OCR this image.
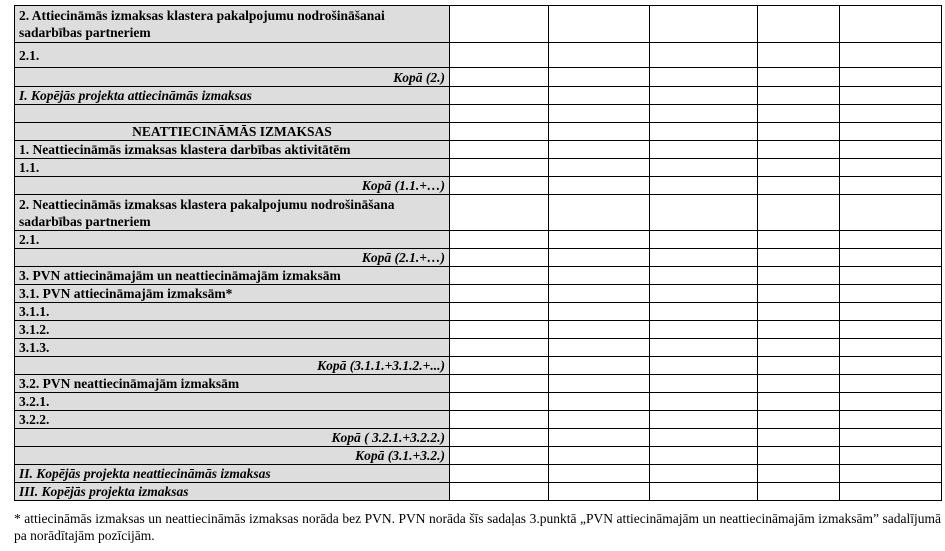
2. Attiecināmās izmaksas klastera pakalpojumu nodrošināšanai sadarbības partneriem					
2.1.					
Kopā (2.)					
I. Kopējās projekta attiecināmās izmaksas					

NEATTIECINĀMĀS IZMAKSAS					
1. Neattiecināmās izmaksas klastera darbības aktivitātēm					
1.1.					
Kopā (1.1.+…)					
2. Neattiecināmās izmaksas klastera pakalpojumu nodrošināšana sadarbības partneriem					
2.1.					
Kopā (2.1.+…)					
3. PVN attiecināmajām un neattiecināmajām izmaksām					
3.1. PVN attiecināmajām izmaksām*					
3.1.1.					
3.1.2.					
3.1.3.					
Kopā (3.1.1.+3.1.2.+...)					
3.2. PVN neattiecināmajām izmaksām					
3.2.1.					
3.2.2.					
Kopā ( 3.2.1.+3.2.2.)					
Kopā (3.1.+3.2.)					
II. Kopējās projekta neattiecināmās izmaksas					
III. Kopējās projekta izmaksas					
* attiecināmās izmaksas un neattiecināmās izmaksas norāda bez PVN. PVN norāda šīs sadaļas 3.punktā „PVN attiecināmajām un neattiecināmajām izmaksām” sadalījumā pa norādītajām pozīcijām.
